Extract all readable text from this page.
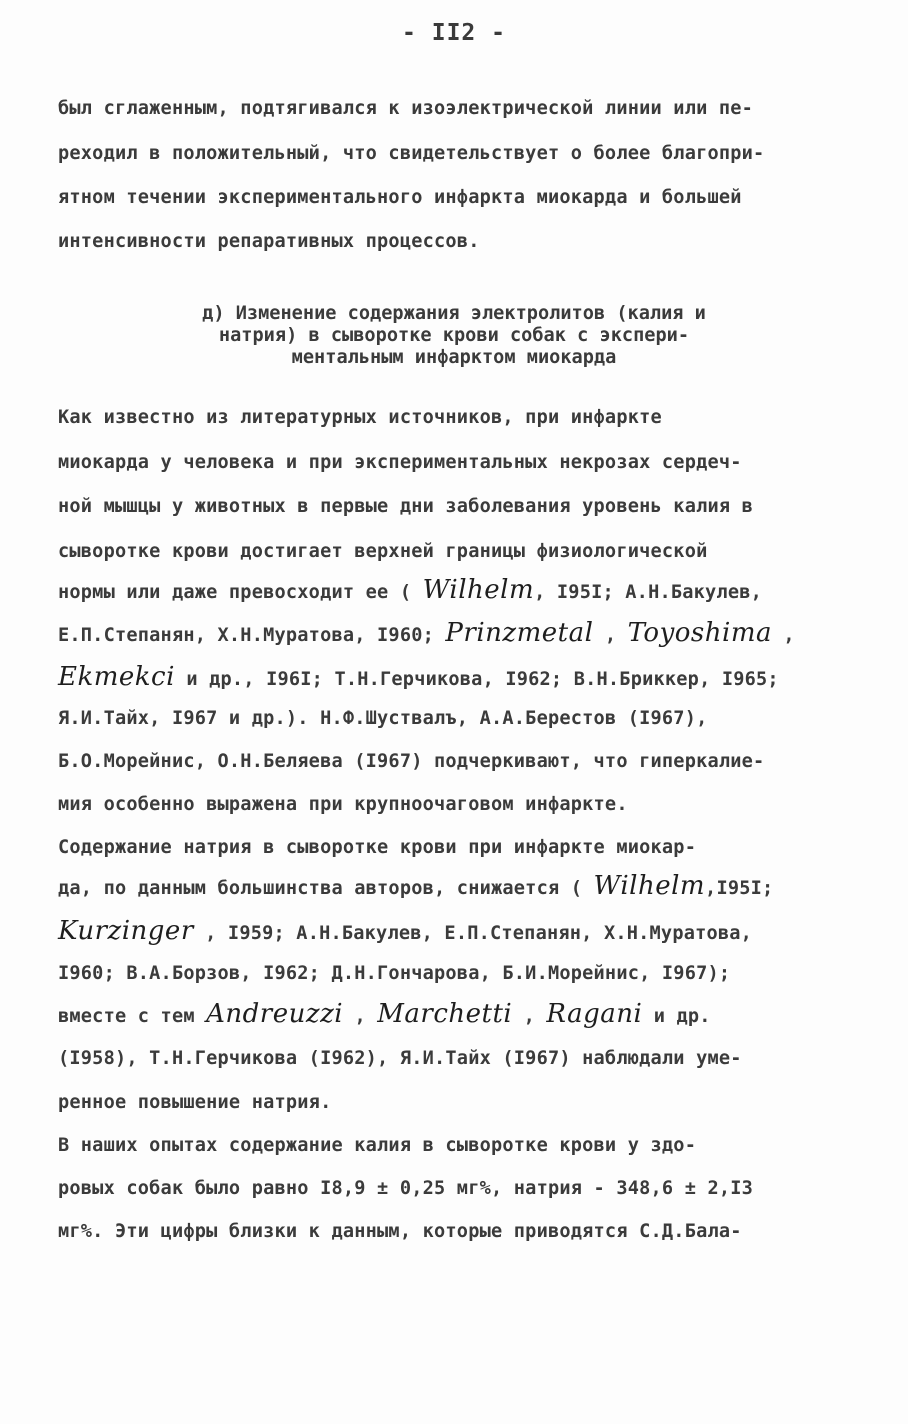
- II2 -
был сглаженным, подтягивался к изоэлектрической линии или пе-
реходил в положительный, что свидетельствует о более благопри-
ятном течении экспериментального инфаркта миокарда и большей
интенсивности репаративных процессов.
д) Изменение содержания электролитов (калия и
натрия) в сыворотке крови собак с экспери-
ментальным инфарктом миокарда
Как известно из литературных источников, при инфаркте
миокарда у человека и при экспериментальных некрозах сердеч-
ной мышцы у животных в первые дни заболевания уровень калия в
сыворотке крови достигает верхней границы физиологической
нормы или даже превосходит ее ( Wilhelm, I95I; А.Н.Бакулев,
Е.П.Степанян, Х.Н.Муратова, I960; Prinzmetal , Toyoshima ,
Ekmekci и др., I96I; Т.Н.Герчикова, I962; В.Н.Бриккер, I965;
Я.И.Тайх, I967 и др.). Н.Ф.Шуствалъ, А.А.Берестов (I967),
Б.О.Морейнис, О.Н.Беляева (I967) подчеркивают, что гиперкалие-
мия особенно выражена при крупноочаговом инфаркте.
Содержание натрия в сыворотке крови при инфаркте миокар-
да, по данным большинства авторов, снижается ( Wilhelm,I95I;
Kurzinger , I959; А.Н.Бакулев, Е.П.Степанян, Х.Н.Муратова,
I960; В.А.Борзов, I962; Д.Н.Гончарова, Б.И.Морейнис, I967);
вместе с тем Andreuzzi , Marchetti , Ragani и др.
(I958), Т.Н.Герчикова (I962), Я.И.Тайх (I967) наблюдали уме-
ренное повышение натрия.
В наших опытах содержание калия в сыворотке крови у здо-
ровых собак было равно I8,9 ± 0,25 мг%, натрия - 348,6 ± 2,I3
мг%. Эти цифры близки к данным, которые приводятся С.Д.Бала-
